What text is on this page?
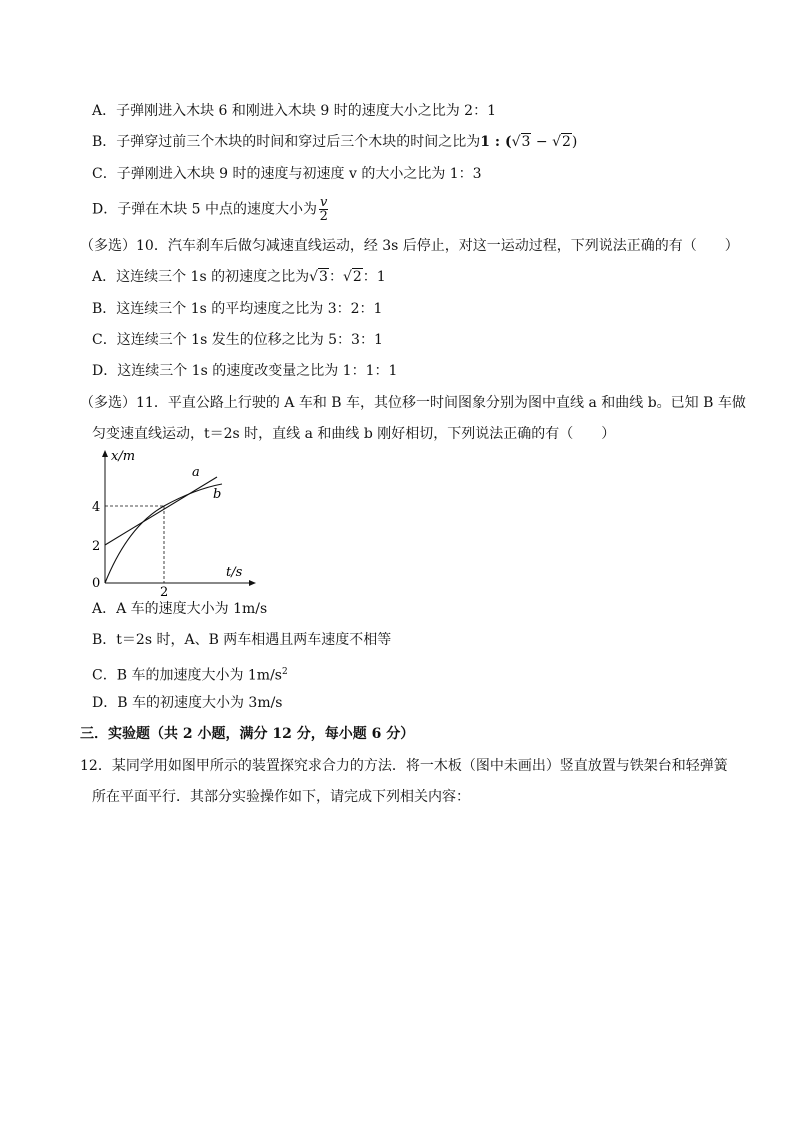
A．子弹刚进入木块 6 和刚进入木块 9 时的速度大小之比为 2：1
B．子弹穿过前三个木块的时间和穿过后三个木块的时间之比为1 : (√3 − √2)
C．子弹刚进入木块 9 时的速度与初速度 v 的大小之比为 1：3
D．子弹在木块 5 中点的速度大小为 $\frac{v}{2}$
（多选）10．汽车刹车后做匀减速直线运动，经 3s 后停止，对这一运动过程，下列说法正确的有（　　）
A．这连续三个 1s 的初速度之比为√3：√2：1
B．这连续三个 1s 的平均速度之比为 3：2：1
C．这连续三个 1s 发生的位移之比为 5：3：1
D．这连续三个 1s 的速度改变量之比为 1：1：1
（多选）11．平直公路上行驶的 A 车和 B 车，其位移一时间图象分别为图中直线 a 和曲线 b。已知 B 车做
匀变速直线运动，t＝2s 时，直线 a 和曲线 b 刚好相切，下列说法正确的有（　　）
x/m
t/s
0
4
2
2
a
b
A．A 车的速度大小为 1m/s
B．t＝2s 时，A、B 两车相遇且两车速度不相等
C．B 车的加速度大小为 $1m/s^2$
D．B 车的初速度大小为 3m/s
三．实验题（共 2 小题，满分 12 分，每小题 6 分）
12．某同学用如图甲所示的装置探究求合力的方法．将一木板（图中未画出）竖直放置与铁架台和轻弹簧
所在平面平行．其部分实验操作如下，请完成下列相关内容：
